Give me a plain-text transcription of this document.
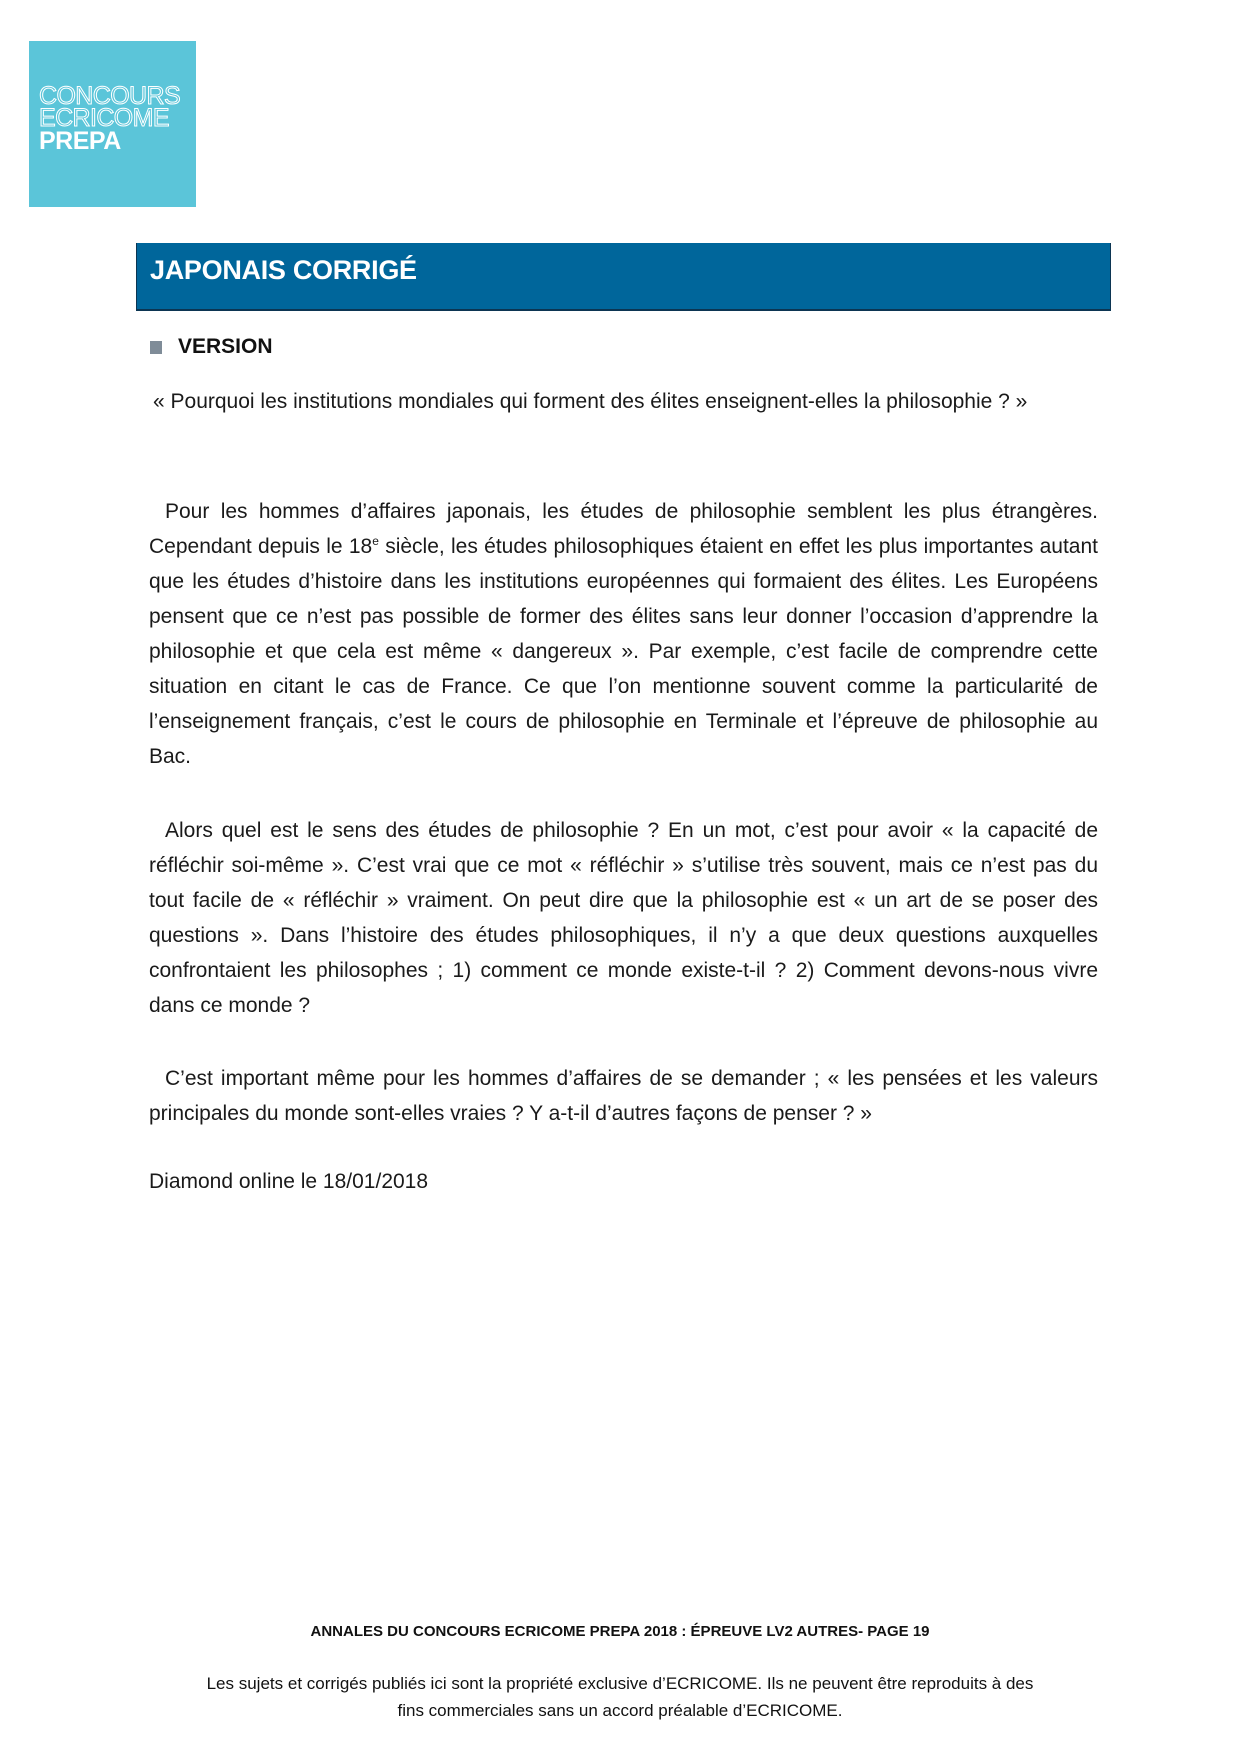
CONCOURS
ECRICOME
PREPA
JAPONAIS CORRIGÉ
VERSION

« Pourquoi les institutions mondiales qui forment des élites enseignent-elles la philosophie ? »

Pour les hommes d’affaires japonais, les études de philosophie semblent les plus étrangères. Cependant depuis le 18e siècle, les études philosophiques étaient en effet les plus importantes autant que les études d’histoire dans les institutions européennes qui formaient des élites. Les Européens pensent que ce n’est pas possible de former des élites sans leur donner l’occasion d’apprendre la philosophie et que cela est même « dangereux ». Par exemple, c’est facile de comprendre cette situation en citant le cas de France. Ce que l’on mentionne souvent comme la particularité de l’enseignement français, c’est le cours de philosophie en Terminale et l’épreuve de philosophie au Bac.

Alors quel est le sens des études de philosophie ? En un mot, c’est pour avoir « la capacité de réfléchir soi-même ». C’est vrai que ce mot « réfléchir » s’utilise très souvent, mais ce n’est pas du tout facile de « réfléchir » vraiment. On peut dire que la philosophie est « un art de se poser des questions ». Dans l’histoire des études philosophiques, il n’y a que deux questions auxquelles confrontaient les philosophes ; 1) comment ce monde existe-t-il ? 2) Comment devons-nous vivre dans ce monde ?

C’est important même pour les hommes d’affaires de se demander ; « les pensées et les valeurs principales du monde sont-elles vraies ? Y a-t-il d’autres façons de penser ? »

Diamond online le 18/01/2018

ANNALES DU CONCOURS ECRICOME PREPA 2018 : ÉPREUVE LV2 AUTRES- PAGE 19

Les sujets et corrigés publiés ici sont la propriété exclusive d’ECRICOME. Ils ne peuvent être reproduits à des
fins commerciales sans un accord préalable d’ECRICOME.
